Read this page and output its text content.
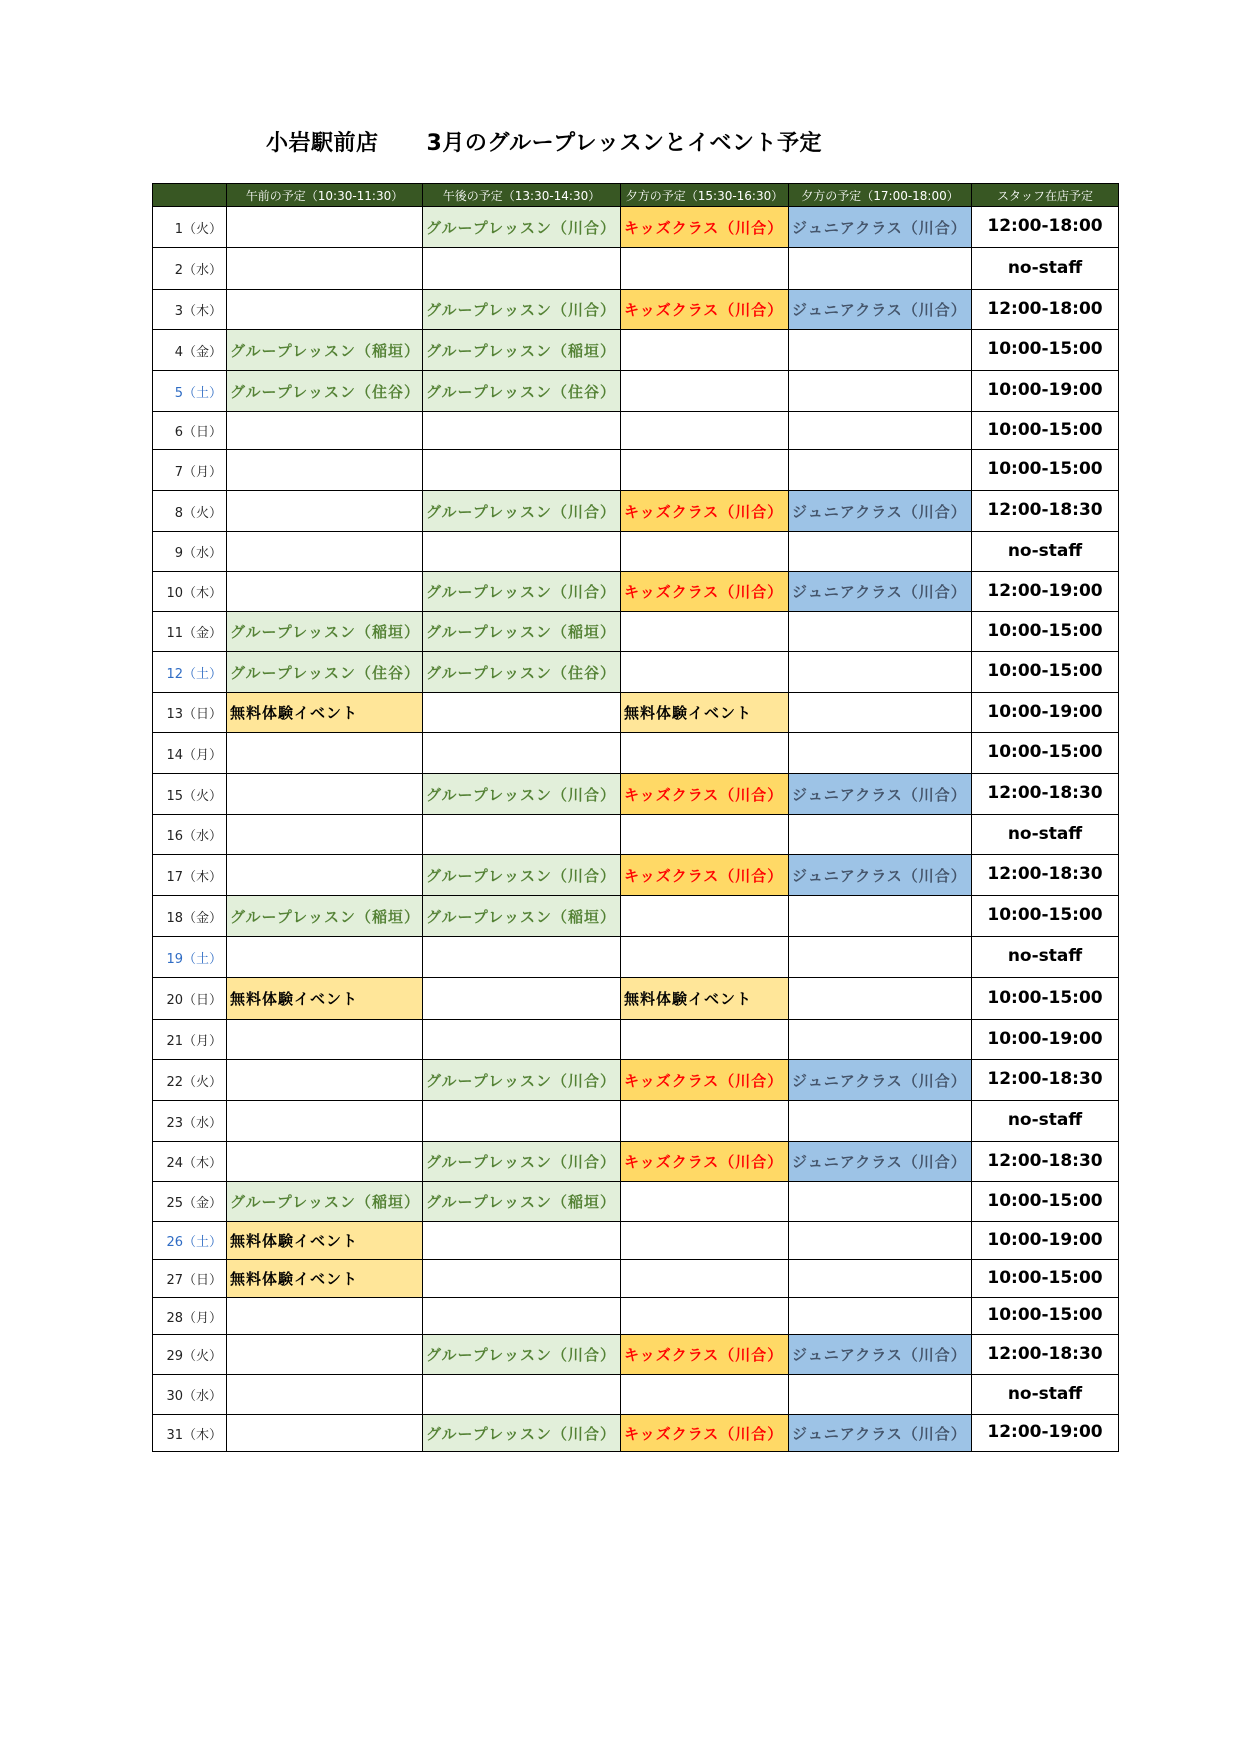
小岩駅前店 3月のグループレッスンとイベント予定
	午前の予定（10:30-11:30）	午後の予定（13:30-14:30）	夕方の予定（15:30-16:30）	夕方の予定（17:00-18:00）	スタッフ在店予定
1（火）		グループレッスン（川合）	キッズクラス（川合）	ジュニアクラス（川合）	12:00-18:00
2（水）					no-staff
3（木）		グループレッスン（川合）	キッズクラス（川合）	ジュニアクラス（川合）	12:00-18:00
4（金）	グループレッスン（稲垣）	グループレッスン（稲垣）			10:00-15:00
5（土）	グループレッスン（住谷）	グループレッスン（住谷）			10:00-19:00
6（日）					10:00-15:00
7（月）					10:00-15:00
8（火）		グループレッスン（川合）	キッズクラス（川合）	ジュニアクラス（川合）	12:00-18:30
9（水）					no-staff
10（木）		グループレッスン（川合）	キッズクラス（川合）	ジュニアクラス（川合）	12:00-19:00
11（金）	グループレッスン（稲垣）	グループレッスン（稲垣）			10:00-15:00
12（土）	グループレッスン（住谷）	グループレッスン（住谷）			10:00-15:00
13（日）	無料体験イベント		無料体験イベント		10:00-19:00
14（月）					10:00-15:00
15（火）		グループレッスン（川合）	キッズクラス（川合）	ジュニアクラス（川合）	12:00-18:30
16（水）					no-staff
17（木）		グループレッスン（川合）	キッズクラス（川合）	ジュニアクラス（川合）	12:00-18:30
18（金）	グループレッスン（稲垣）	グループレッスン（稲垣）			10:00-15:00
19（土）					no-staff
20（日）	無料体験イベント		無料体験イベント		10:00-15:00
21（月）					10:00-19:00
22（火）		グループレッスン（川合）	キッズクラス（川合）	ジュニアクラス（川合）	12:00-18:30
23（水）					no-staff
24（木）		グループレッスン（川合）	キッズクラス（川合）	ジュニアクラス（川合）	12:00-18:30
25（金）	グループレッスン（稲垣）	グループレッスン（稲垣）			10:00-15:00
26（土）	無料体験イベント				10:00-19:00
27（日）	無料体験イベント				10:00-15:00
28（月）					10:00-15:00
29（火）		グループレッスン（川合）	キッズクラス（川合）	ジュニアクラス（川合）	12:00-18:30
30（水）					no-staff
31（木）		グループレッスン（川合）	キッズクラス（川合）	ジュニアクラス（川合）	12:00-19:00
